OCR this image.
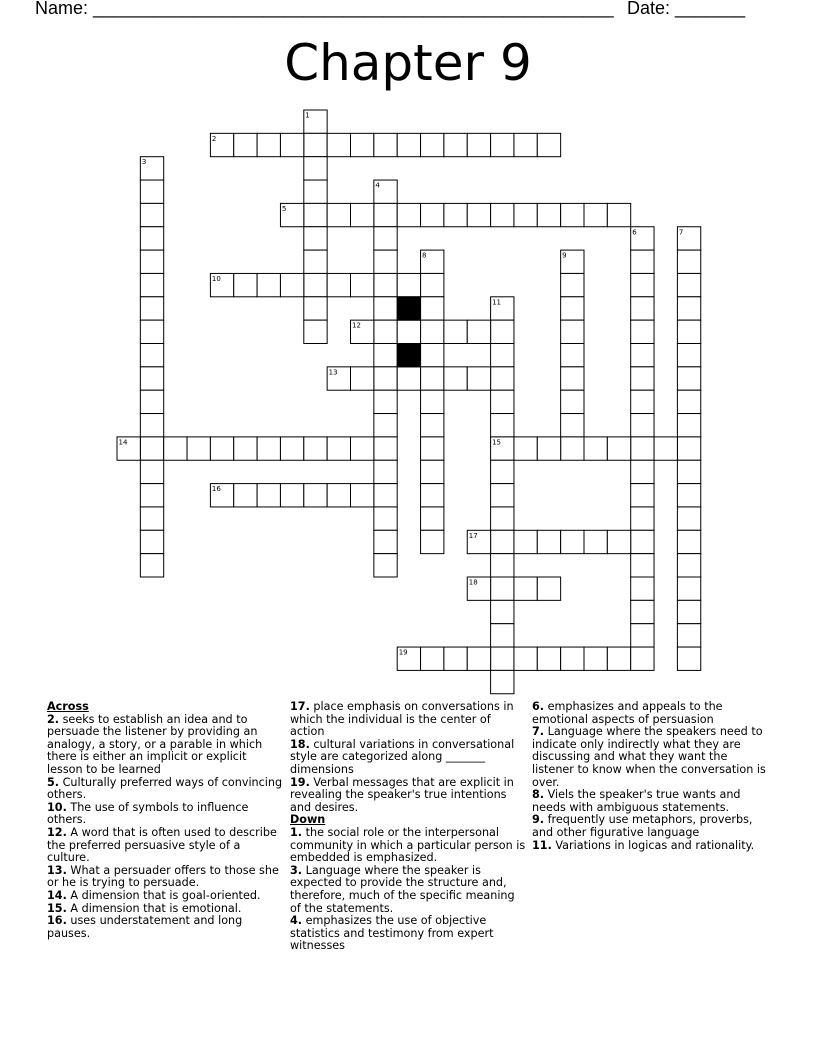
Name: ____________________________________________________ Date: _______
Chapter 9
1
2
3
4
5
6	7
8	9
10
11
12
13
14	15
16
17
18
19
Across
2. seeks to establish an idea and to persuade the listener by providing an analogy, a story, or a parable in which there is either an implicit or explicit lesson to be learned
5. Culturally preferred ways of convincing others.
10. The use of symbols to influence others.
12. A word that is often used to describe the preferred persuasive style of a culture.
13. What a persuader offers to those she or he is trying to persuade.
14. A dimension that is goal-oriented.
15. A dimension that is emotional.
16. uses understatement and long pauses.
17. place emphasis on conversations in which the individual is the center of action
18. cultural variations in conversational style are categorized along _______ dimensions
19. Verbal messages that are explicit in revealing the speaker's true intentions and desires.
Down
1. the social role or the interpersonal community in which a particular person is embedded is emphasized.
3. Language where the speaker is expected to provide the structure and, therefore, much of the specific meaning of the statements.
4. emphasizes the use of objective statistics and testimony from expert witnesses
6. emphasizes and appeals to the emotional aspects of persuasion
7. Language where the speakers need to indicate only indirectly what they are discussing and what they want the listener to know when the conversation is over.
8. Viels the speaker's true wants and needs with ambiguous statements.
9. frequently use metaphors, proverbs, and other figurative language
11. Variations in logicas and rationality.
